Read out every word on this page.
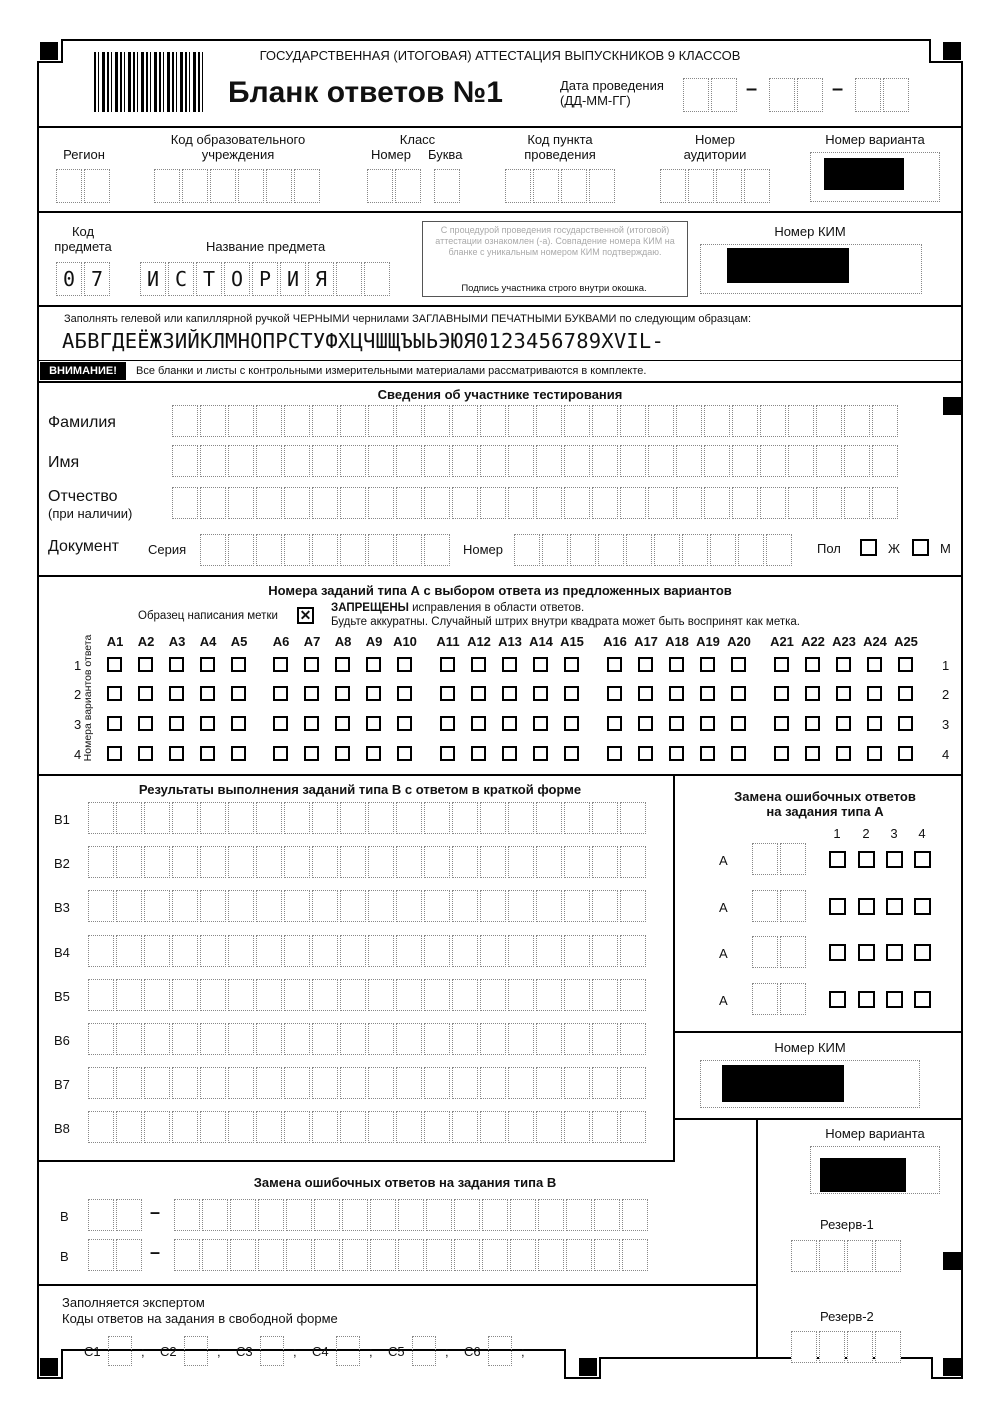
ГОСУДАРСТВЕННАЯ (ИТОГОВАЯ) АТТЕСТАЦИЯ ВЫПУСКНИКОВ 9 КЛАССОВ
Бланк ответов №1	Дата проведения
(ДД-ММ-ГГ)
–	–
Регион
Код образовательного учреждения
Класс
Номер Буква
Код пункта проведения
Номер аудитории
Номер варианта
Код предмета	Название предмета
0 7	И С Т О Р И Я
С процедурой проведения государственной (итоговой) аттестации ознакомлен (-а). Совпадение номера КИМ на бланке с уникальным номером КИМ подтверждаю.
Подпись участника строго внутри окошка.
Номер КИМ
Заполнять гелевой или капиллярной ручкой ЧЕРНЫМИ чернилами ЗАГЛАВНЫМИ ПЕЧАТНЫМИ БУКВАМИ по следующим образцам:
АБВГДЕЁЖЗИЙКЛМНОПРСТУФХЦЧШЩЪЫЬЭЮЯ0123456789XVIL-
ВНИМАНИЕ!	Все бланки и листы с контрольными измерительными материалами рассматриваются в комплекте.
Сведения об участнике тестирования
Фамилия
Имя
Отчество
(при наличии)
Документ Серия	Номер	Пол	Ж	М
Номера заданий типа А с выбором ответа из предложенных вариантов
Образец написания метки ✕ ЗАПРЕЩЕНЫ исправления в области ответов.
Будьте аккуратны. Случайный штрих внутри квадрата может быть воспринят как метка.
Номера вариантов ответа A1	A2	A3	A4	A5	A6	A7	A8	A9 A10	A11 A12 A13 A14 A15	A16 A17 A18 A19 A20	A21 A22 A23 A24 A25
1	1
2	2
3	3
4	4
Результаты выполнения заданий типа В с ответом в краткой форме
B1
B2
B3
B4
B5
B6
B7
B8
Замена ошибочных ответов
на задания типа А
1	2	3	4
А
А
А
А
Номер КИМ
Номер варианта
Замена ошибочных ответов на задания типа В
В	–
В	–
Резерв-1
Резерв-2
Заполняется экспертом
Коды ответов на задания в свободной форме
C1	; C2	; C3	; C4	; C5	; C6	;
